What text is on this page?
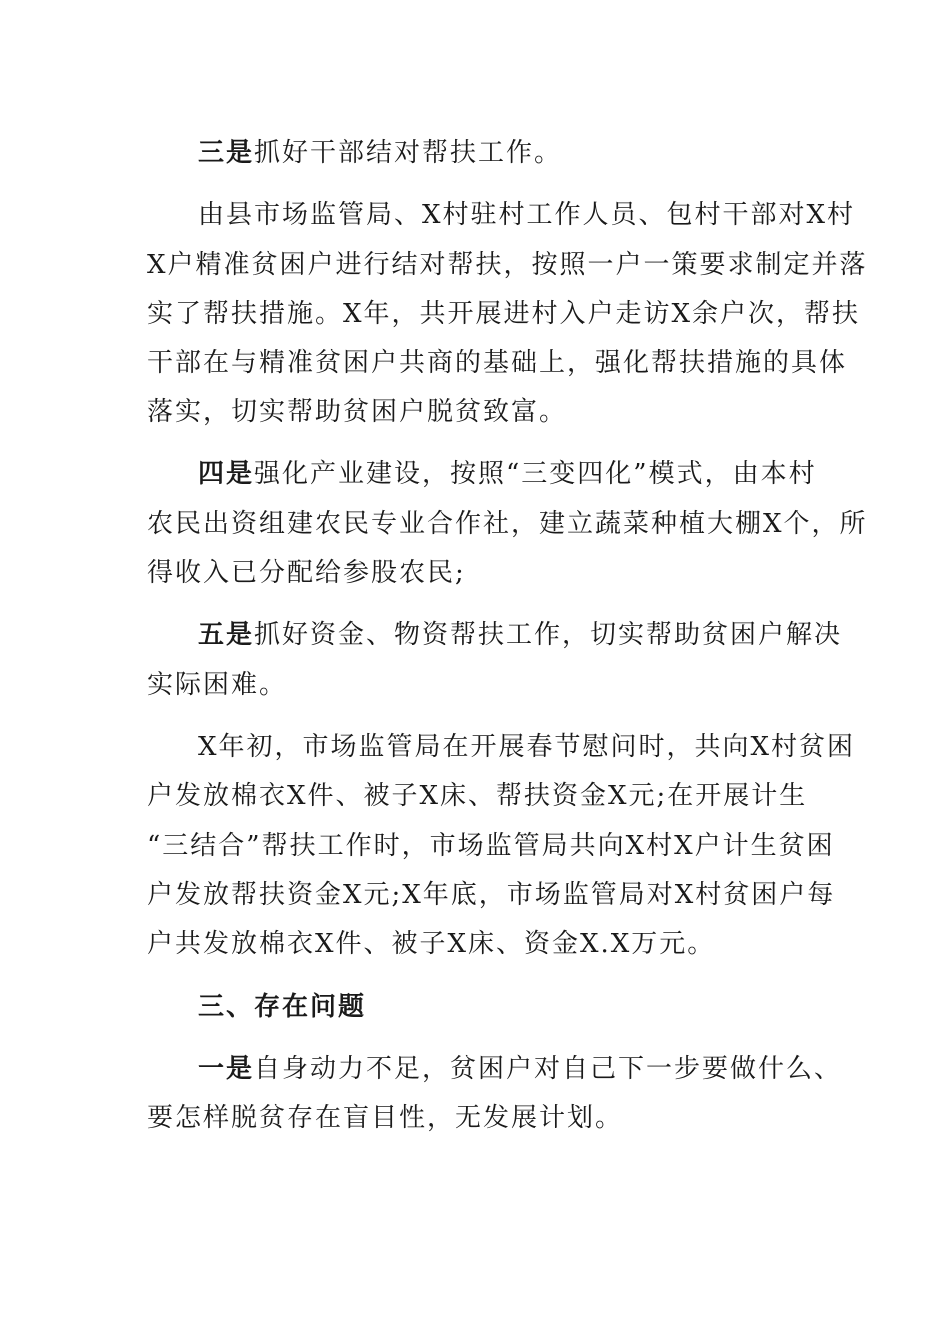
三是抓好干部结对帮扶工作。
由县市场监管局、X村驻村工作人员、包村干部对X村
X户精准贫困户进行结对帮扶，按照一户一策要求制定并落
实了帮扶措施。X年，共开展进村入户走访X余户次，帮扶
干部在与精准贫困户共商的基础上，强化帮扶措施的具体
落实，切实帮助贫困户脱贫致富。
四是强化产业建设，按照“三变四化”模式，由本村
农民出资组建农民专业合作社，建立蔬菜种植大棚X个，所
得收入已分配给参股农民;
五是抓好资金、物资帮扶工作，切实帮助贫困户解决
实际困难。
X年初，市场监管局在开展春节慰问时，共向X村贫困
户发放棉衣X件、被子X床、帮扶资金X元;在开展计生
“三结合”帮扶工作时，市场监管局共向X村X户计生贫困
户发放帮扶资金X元;X年底，市场监管局对X村贫困户每
户共发放棉衣X件、被子X床、资金X.X万元。
三、存在问题
一是自身动力不足，贫困户对自己下一步要做什么、
要怎样脱贫存在盲目性，无发展计划。
